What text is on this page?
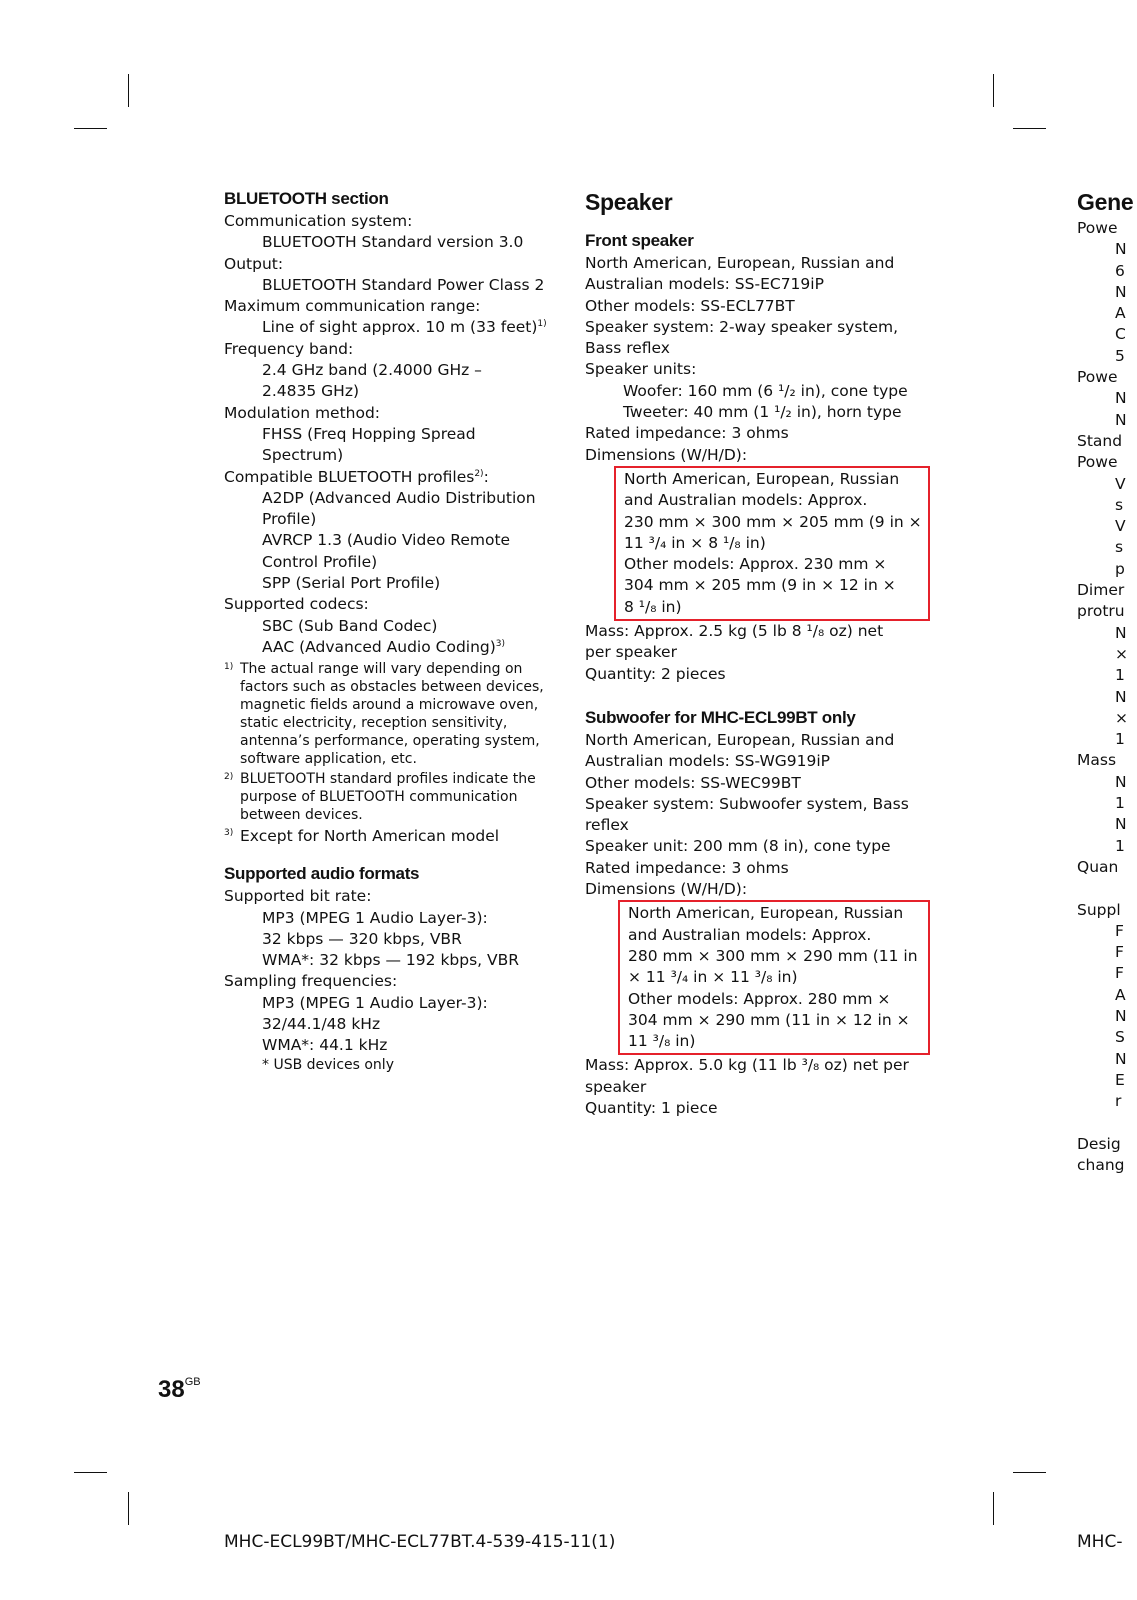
BLUETOOTH section
Communication system:
BLUETOOTH Standard version 3.0
Output:
BLUETOOTH Standard Power Class 2
Maximum communication range:
Line of sight approx. 10 m (33 feet)$^{1)}$
Frequency band:
2.4 GHz band (2.4000 GHz –
2.4835 GHz)
Modulation method:
FHSS (Freq Hopping Spread
Spectrum)
Compatible BLUETOOTH profiles$^{2)}$:
A2DP (Advanced Audio Distribution
Profile)
AVRCP 1.3 (Audio Video Remote
Control Profile)
SPP (Serial Port Profile)
Supported codecs:
SBC (Sub Band Codec)
AAC (Advanced Audio Coding)$^{3)}$
1) The actual range will vary depending on factors such as obstacles between devices, magnetic fields around a microwave oven, static electricity, reception sensitivity, antenna’s performance, operating system, software application, etc.
2) BLUETOOTH standard profiles indicate the purpose of BLUETOOTH communication between devices.
3) Except for North American model
Supported audio formats
Supported bit rate:
MP3 (MPEG 1 Audio Layer-3):
32 kbps — 320 kbps, VBR
WMA*: 32 kbps — 192 kbps, VBR
Sampling frequencies:
MP3 (MPEG 1 Audio Layer-3):
32/44.1/48 kHz
WMA*: 44.1 kHz
* USB devices only
Speaker
Front speaker
North American, European, Russian and
Australian models: SS-EC719iP
Other models: SS-ECL77BT
Speaker system: 2-way speaker system,
Bass reflex
Speaker units:
Woofer: 160 mm (6 ¹/₂ in), cone type
Tweeter: 40 mm (1 ¹/₂ in), horn type
Rated impedance: 3 ohms
Dimensions (W/H/D):
North American, European, Russian
and Australian models: Approx.
230 mm × 300 mm × 205 mm (9 in ×
11 ³/₄ in × 8 ¹/₈ in)
Other models: Approx. 230 mm ×
304 mm × 205 mm (9 in × 12 in ×
8 ¹/₈ in)
Mass: Approx. 2.5 kg (5 lb 8 ¹/₈ oz) net
per speaker
Quantity: 2 pieces
Subwoofer for MHC-ECL99BT only
North American, European, Russian and
Australian models: SS-WG919iP
Other models: SS-WEC99BT
Speaker system: Subwoofer system, Bass
reflex
Speaker unit: 200 mm (8 in), cone type
Rated impedance: 3 ohms
Dimensions (W/H/D):
North American, European, Russian
and Australian models: Approx.
280 mm × 300 mm × 290 mm (11 in
× 11 ³/₄ in × 11 ³/₈ in)
Other models: Approx. 280 mm ×
304 mm × 290 mm (11 in × 12 in ×
11 ³/₈ in)
Mass: Approx. 5.0 kg (11 lb ³/₈ oz) net per
speaker
Quantity: 1 piece
Gene
Powe
N
6
N
A
C
5
Powe
N
N
Stand
Powe
V
s
V
s
p
Dimer
protru
N
×
1
N
×
1
Mass
N
1
N
1
Quan
Suppl
F
F
F
A
N
S
N
E
r
Desig
chang
$38^{GB}$
MHC-ECL99BT/MHC-ECL77BT.4-539-415-11(1)	MHC-
